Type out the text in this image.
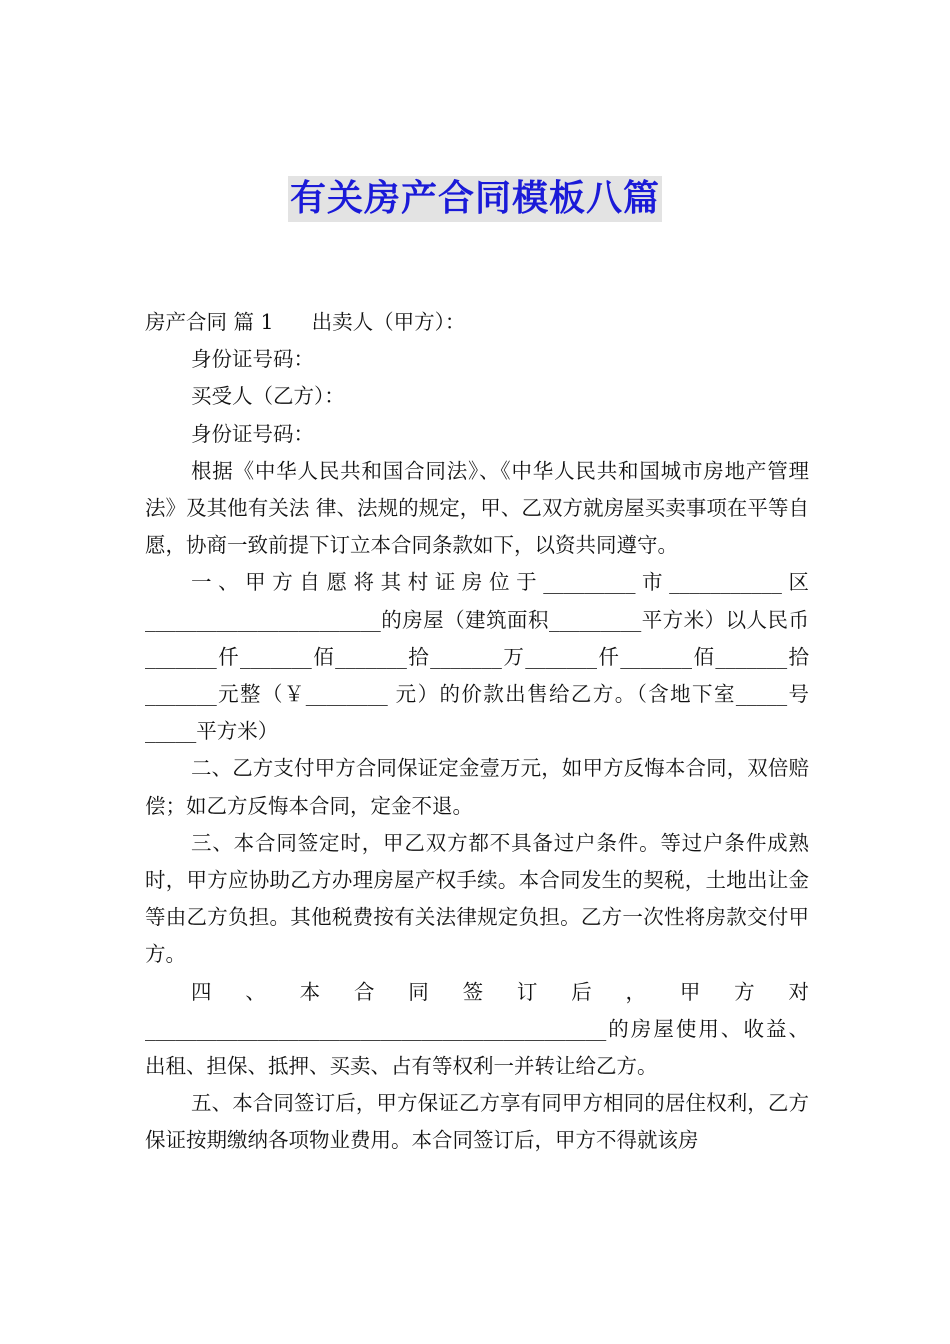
有关房产合同模板八篇

房产合同 篇 1 出卖人（甲方）：

身份证号码：

买受人（乙方）：

身份证号码：

根据《中华人民共和国合同法》、《中华人民共和国城市房地产管理法》及其他有关法 律、法规的规定，甲、乙双方就房屋买卖事项在平等自愿，协商一致前提下订立本合同条款如下，以资共同遵守。

一、甲方自愿将其村证房位于_________市___________区_______________________的房屋（建筑面积_________平方米）以人民币_______仟_______佰_______拾_______万_______仟_______佰_______拾_______元整（￥________ 元）的价款出售给乙方。（含地下室_____号_____平方米）

二、乙方支付甲方合同保证定金壹万元，如甲方反悔本合同，双倍赔偿；如乙方反悔本合同，定金不退。

三、本合同签定时，甲乙双方都不具备过户条件。等过户条件成熟时，甲方应协助乙方办理房屋产权手续。本合同发生的契税，土地出让金等由乙方负担。其他税费按有关法律规定负担。乙方一次性将房款交付甲方。

四、本合同签订后，甲方对_____________________________________________的房屋使用、收益、出租、担保、抵押、买卖、占有等权利一并转让给乙方。

五、本合同签订后，甲方保证乙方享有同甲方相同的居住权利，乙方保证按期缴纳各项物业费用。本合同签订后，甲方不得就该房
